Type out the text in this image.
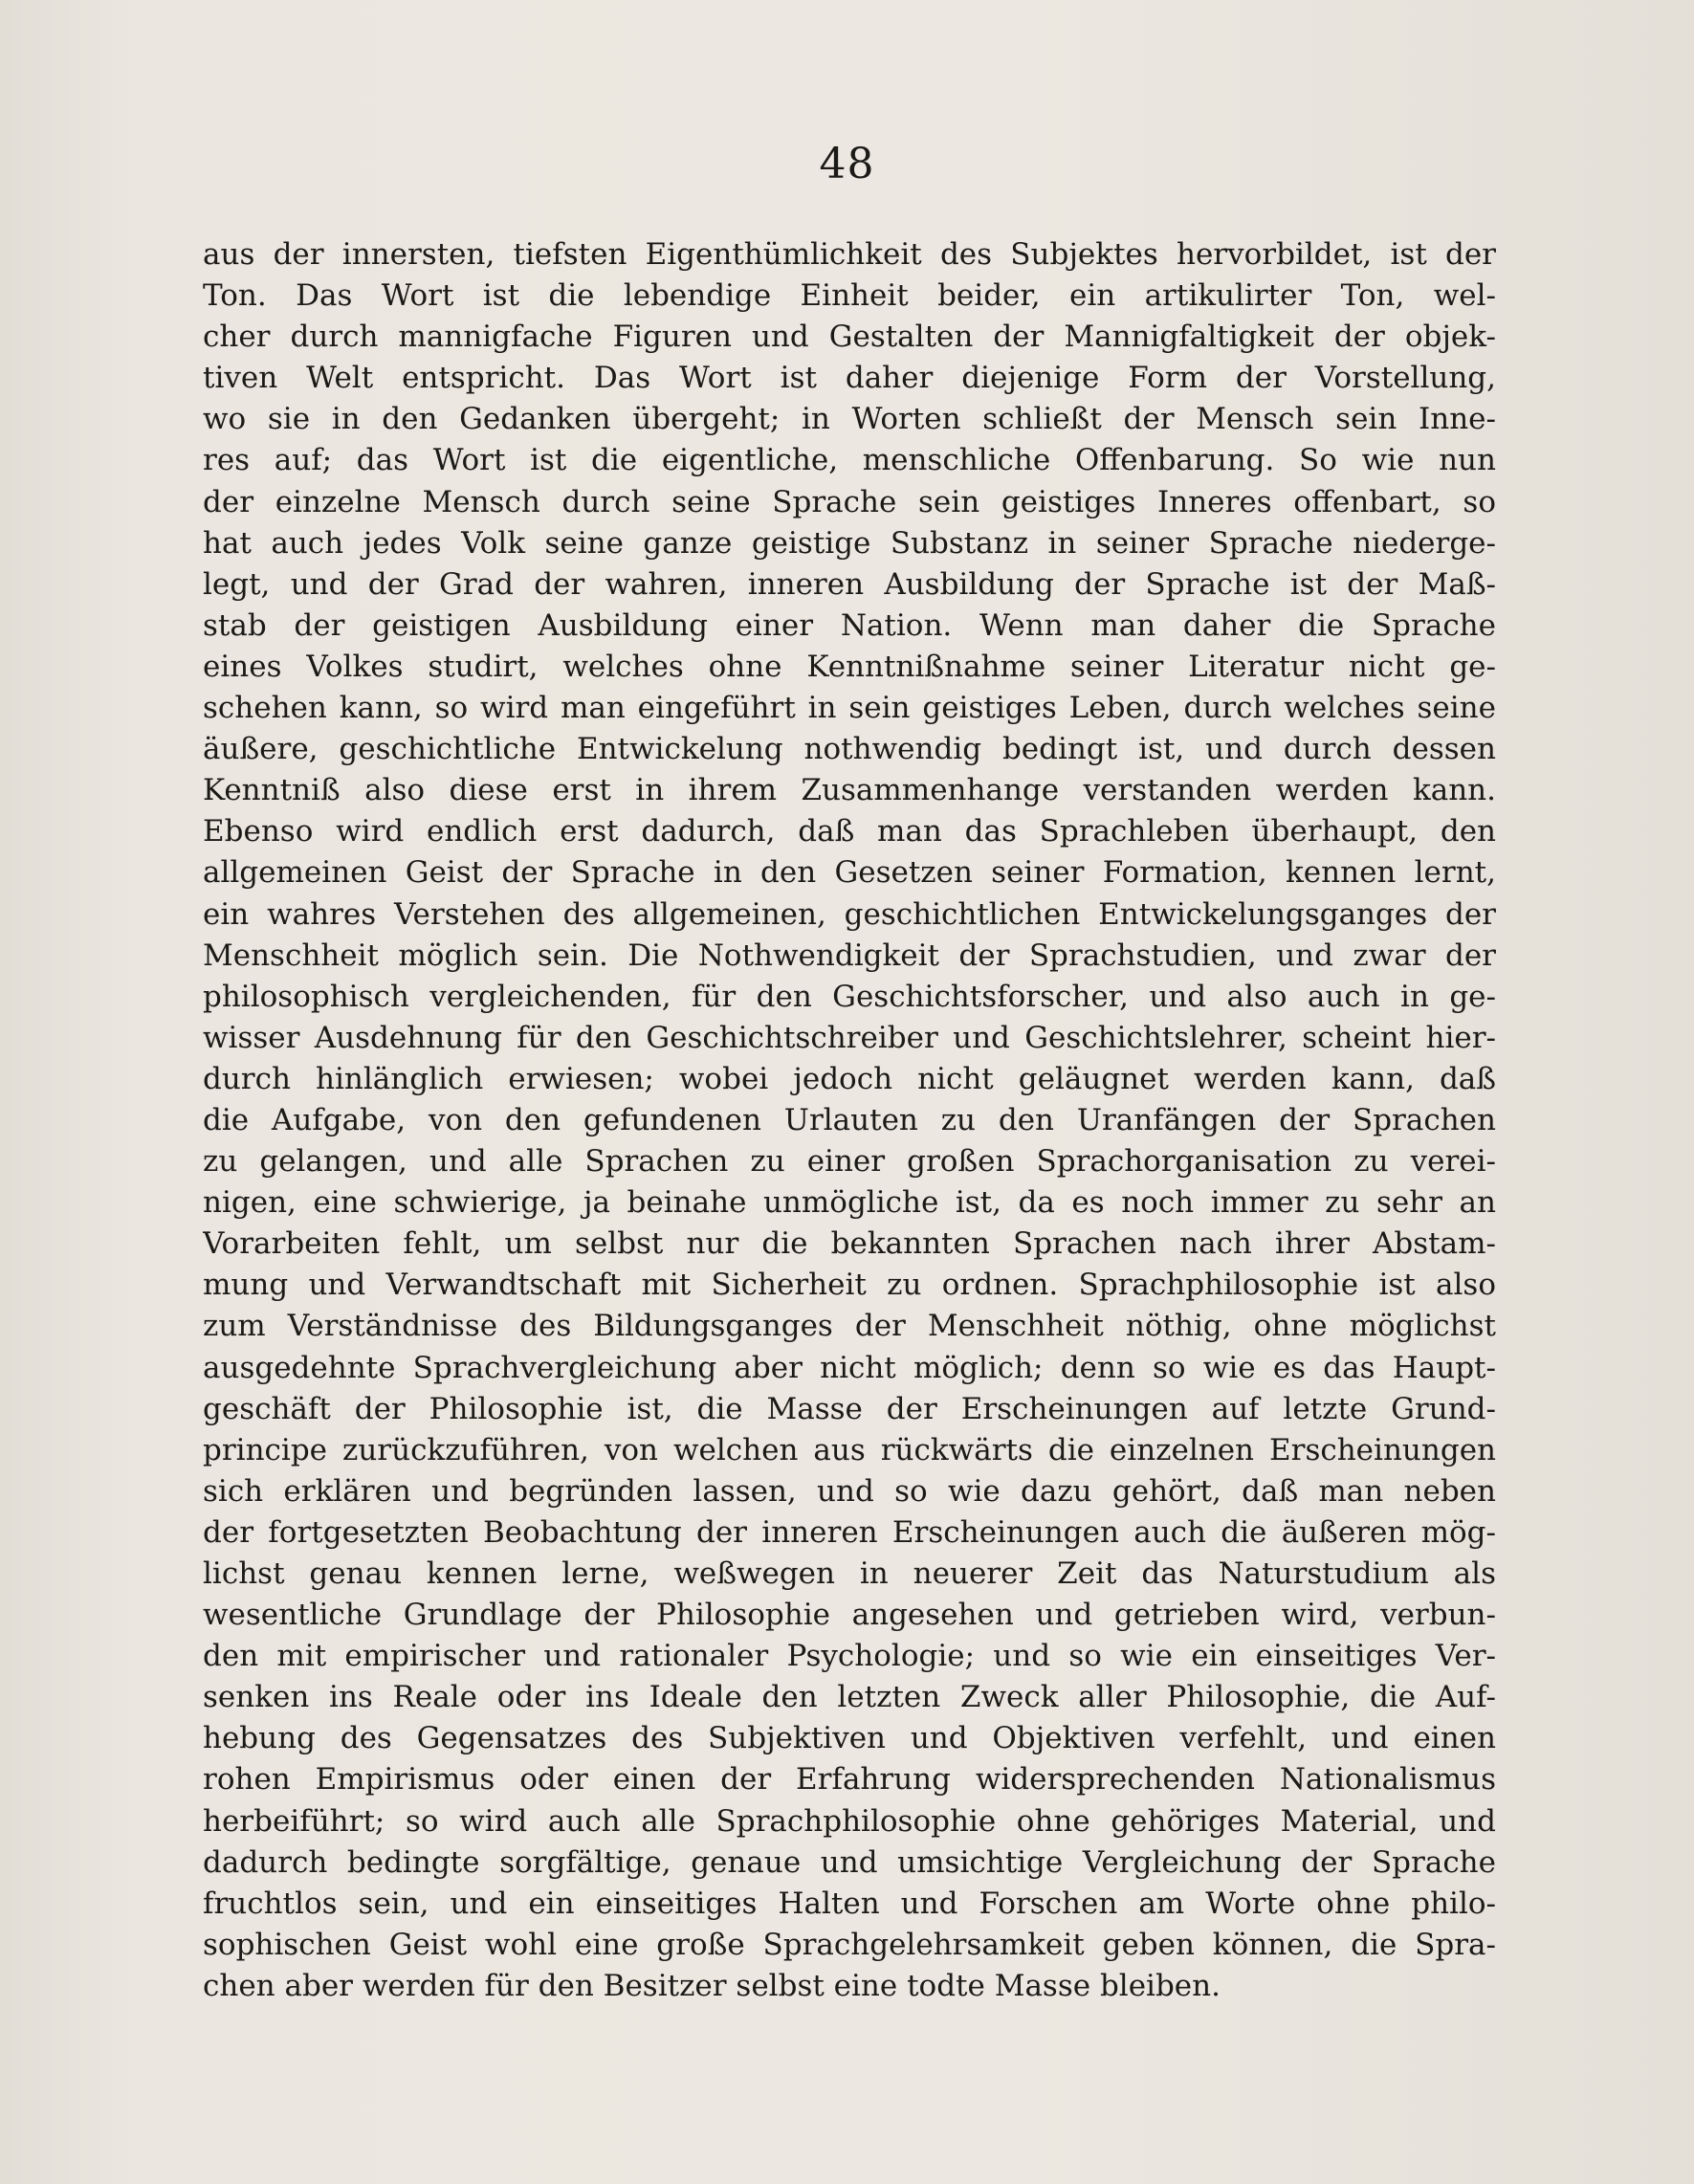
48
aus der innersten, tiefsten Eigenthümlichkeit des Subjektes hervorbildet, ist der
Ton. Das Wort ist die lebendige Einheit beider, ein artikulirter Ton, wel-
cher durch mannigfache Figuren und Gestalten der Mannigfaltigkeit der objek-
tiven Welt entspricht. Das Wort ist daher diejenige Form der Vorstellung,
wo sie in den Gedanken übergeht; in Worten schließt der Mensch sein Inne-
res auf; das Wort ist die eigentliche, menschliche Offenbarung. So wie nun
der einzelne Mensch durch seine Sprache sein geistiges Inneres offenbart, so
hat auch jedes Volk seine ganze geistige Substanz in seiner Sprache niederge-
legt, und der Grad der wahren, inneren Ausbildung der Sprache ist der Maß-
stab der geistigen Ausbildung einer Nation. Wenn man daher die Sprache
eines Volkes studirt, welches ohne Kenntnißnahme seiner Literatur nicht ge-
schehen kann, so wird man eingeführt in sein geistiges Leben, durch welches seine
äußere, geschichtliche Entwickelung nothwendig bedingt ist, und durch dessen
Kenntniß also diese erst in ihrem Zusammenhange verstanden werden kann.
Ebenso wird endlich erst dadurch, daß man das Sprachleben überhaupt, den
allgemeinen Geist der Sprache in den Gesetzen seiner Formation, kennen lernt,
ein wahres Verstehen des allgemeinen, geschichtlichen Entwickelungsganges der
Menschheit möglich sein. Die Nothwendigkeit der Sprachstudien, und zwar der
philosophisch vergleichenden, für den Geschichtsforscher, und also auch in ge-
wisser Ausdehnung für den Geschichtschreiber und Geschichtslehrer, scheint hier-
durch hinlänglich erwiesen; wobei jedoch nicht geläugnet werden kann, daß
die Aufgabe, von den gefundenen Urlauten zu den Uranfängen der Sprachen
zu gelangen, und alle Sprachen zu einer großen Sprachorganisation zu verei-
nigen, eine schwierige, ja beinahe unmögliche ist, da es noch immer zu sehr an
Vorarbeiten fehlt, um selbst nur die bekannten Sprachen nach ihrer Abstam-
mung und Verwandtschaft mit Sicherheit zu ordnen. Sprachphilosophie ist also
zum Verständnisse des Bildungsganges der Menschheit nöthig, ohne möglichst
ausgedehnte Sprachvergleichung aber nicht möglich; denn so wie es das Haupt-
geschäft der Philosophie ist, die Masse der Erscheinungen auf letzte Grund-
principe zurückzuführen, von welchen aus rückwärts die einzelnen Erscheinungen
sich erklären und begründen lassen, und so wie dazu gehört, daß man neben
der fortgesetzten Beobachtung der inneren Erscheinungen auch die äußeren mög-
lichst genau kennen lerne, weßwegen in neuerer Zeit das Naturstudium als
wesentliche Grundlage der Philosophie angesehen und getrieben wird, verbun-
den mit empirischer und rationaler Psychologie; und so wie ein einseitiges Ver-
senken ins Reale oder ins Ideale den letzten Zweck aller Philosophie, die Auf-
hebung des Gegensatzes des Subjektiven und Objektiven verfehlt, und einen
rohen Empirismus oder einen der Erfahrung widersprechenden Nationalismus
herbeiführt; so wird auch alle Sprachphilosophie ohne gehöriges Material, und
dadurch bedingte sorgfältige, genaue und umsichtige Vergleichung der Sprache
fruchtlos sein, und ein einseitiges Halten und Forschen am Worte ohne philo-
sophischen Geist wohl eine große Sprachgelehrsamkeit geben können, die Spra-
chen aber werden für den Besitzer selbst eine todte Masse bleiben.
